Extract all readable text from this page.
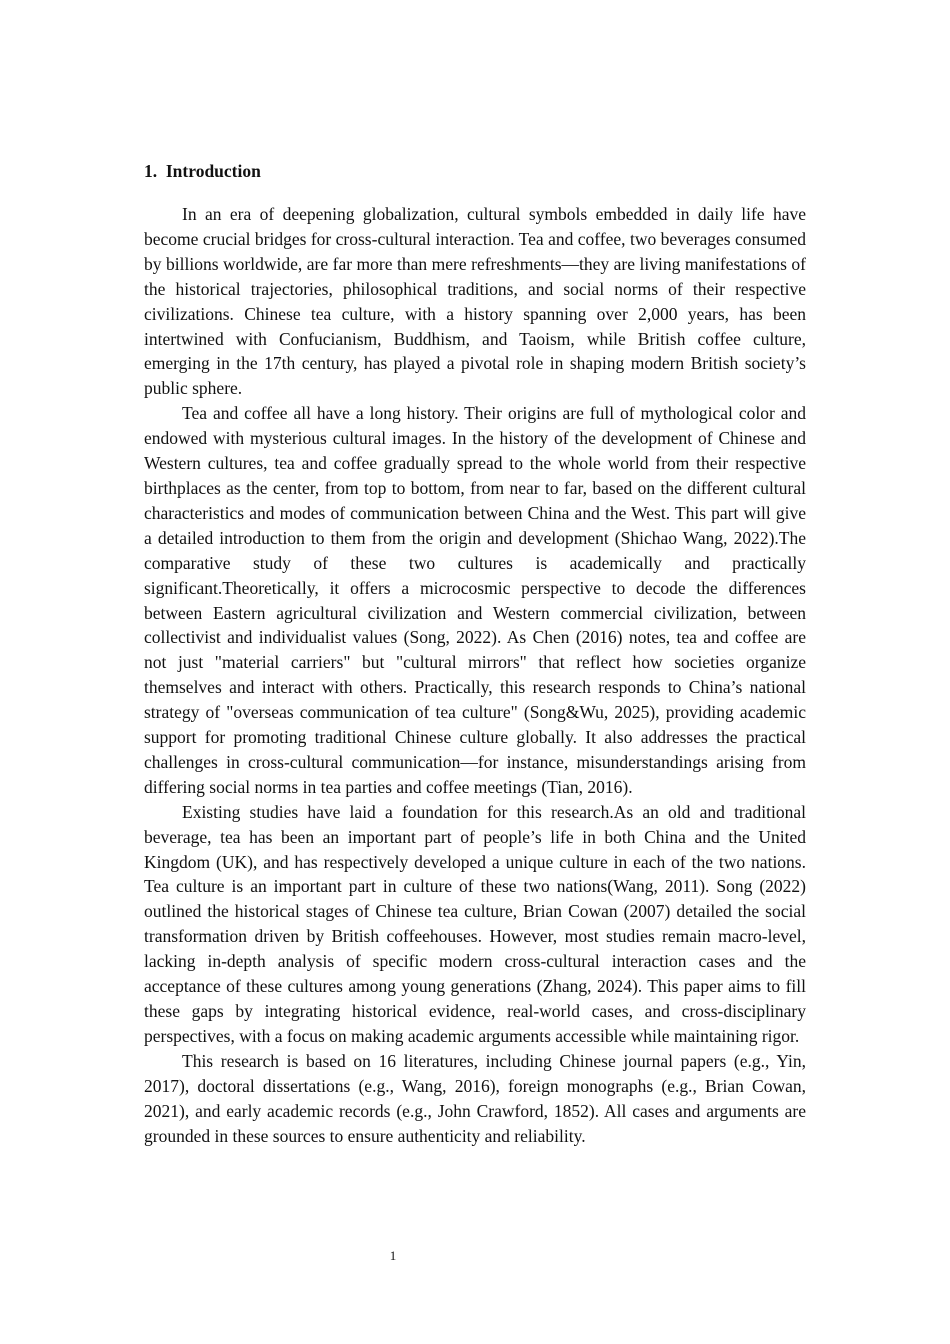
1.  Introduction

In an era of deepening globalization, cultural symbols embedded in daily life have become crucial bridges for cross-cultural interaction. Tea and coffee, two beverages consumed by billions worldwide, are far more than mere refreshments—they are living manifestations of the historical trajectories, philosophical traditions, and social norms of their respective civilizations. Chinese tea culture, with a history spanning over 2,000 years, has been intertwined with Confucianism, Buddhism, and Taoism, while British coffee culture, emerging in the 17th century, has played a pivotal role in shaping modern British society’s public sphere.

Tea and coffee all have a long history. Their origins are full of mythological color and endowed with mysterious cultural images. In the history of the development of Chinese and Western cultures, tea and coffee gradually spread to the whole world from their respective birthplaces as the center, from top to bottom, from near to far, based on the different cultural characteristics and modes of communication between China and the West. This part will give a detailed introduction to them from the origin and development (Shichao Wang, 2022).The comparative study of these two cultures is academically and practically significant.Theoretically, it offers a microcosmic perspective to decode the differences between Eastern agricultural civilization and Western commercial civilization, between collectivist and individualist values (Song, 2022). As Chen (2016) notes, tea and coffee are not just "material carriers" but "cultural mirrors" that reflect how societies organize themselves and interact with others. Practically, this research responds to China’s national strategy of "overseas communication of tea culture" (Song&Wu, 2025), providing academic support for promoting traditional Chinese culture globally. It also addresses the practical challenges in cross-cultural communication—for instance, misunderstandings arising from differing social norms in tea parties and coffee meetings (Tian, 2016).

Existing studies have laid a foundation for this research.As an old and traditional beverage, tea has been an important part of people’s life in both China and the United Kingdom (UK), and has respectively developed a unique culture in each of the two nations. Tea culture is an important part in culture of these two nations(Wang, 2011). Song (2022) outlined the historical stages of Chinese tea culture, Brian Cowan (2007) detailed the social transformation driven by British coffeehouses. However, most studies remain macro-level, lacking in-depth analysis of specific modern cross-cultural interaction cases and the acceptance of these cultures among young generations (Zhang, 2024). This paper aims to fill these gaps by integrating historical evidence, real-world cases, and cross-disciplinary perspectives, with a focus on making academic arguments accessible while maintaining rigor.

This research is based on 16 literatures, including Chinese journal papers (e.g., Yin, 2017), doctoral dissertations (e.g., Wang, 2016), foreign monographs (e.g., Brian Cowan, 2021), and early academic records (e.g., John Crawford, 1852). All cases and arguments are grounded in these sources to ensure authenticity and reliability.

1
